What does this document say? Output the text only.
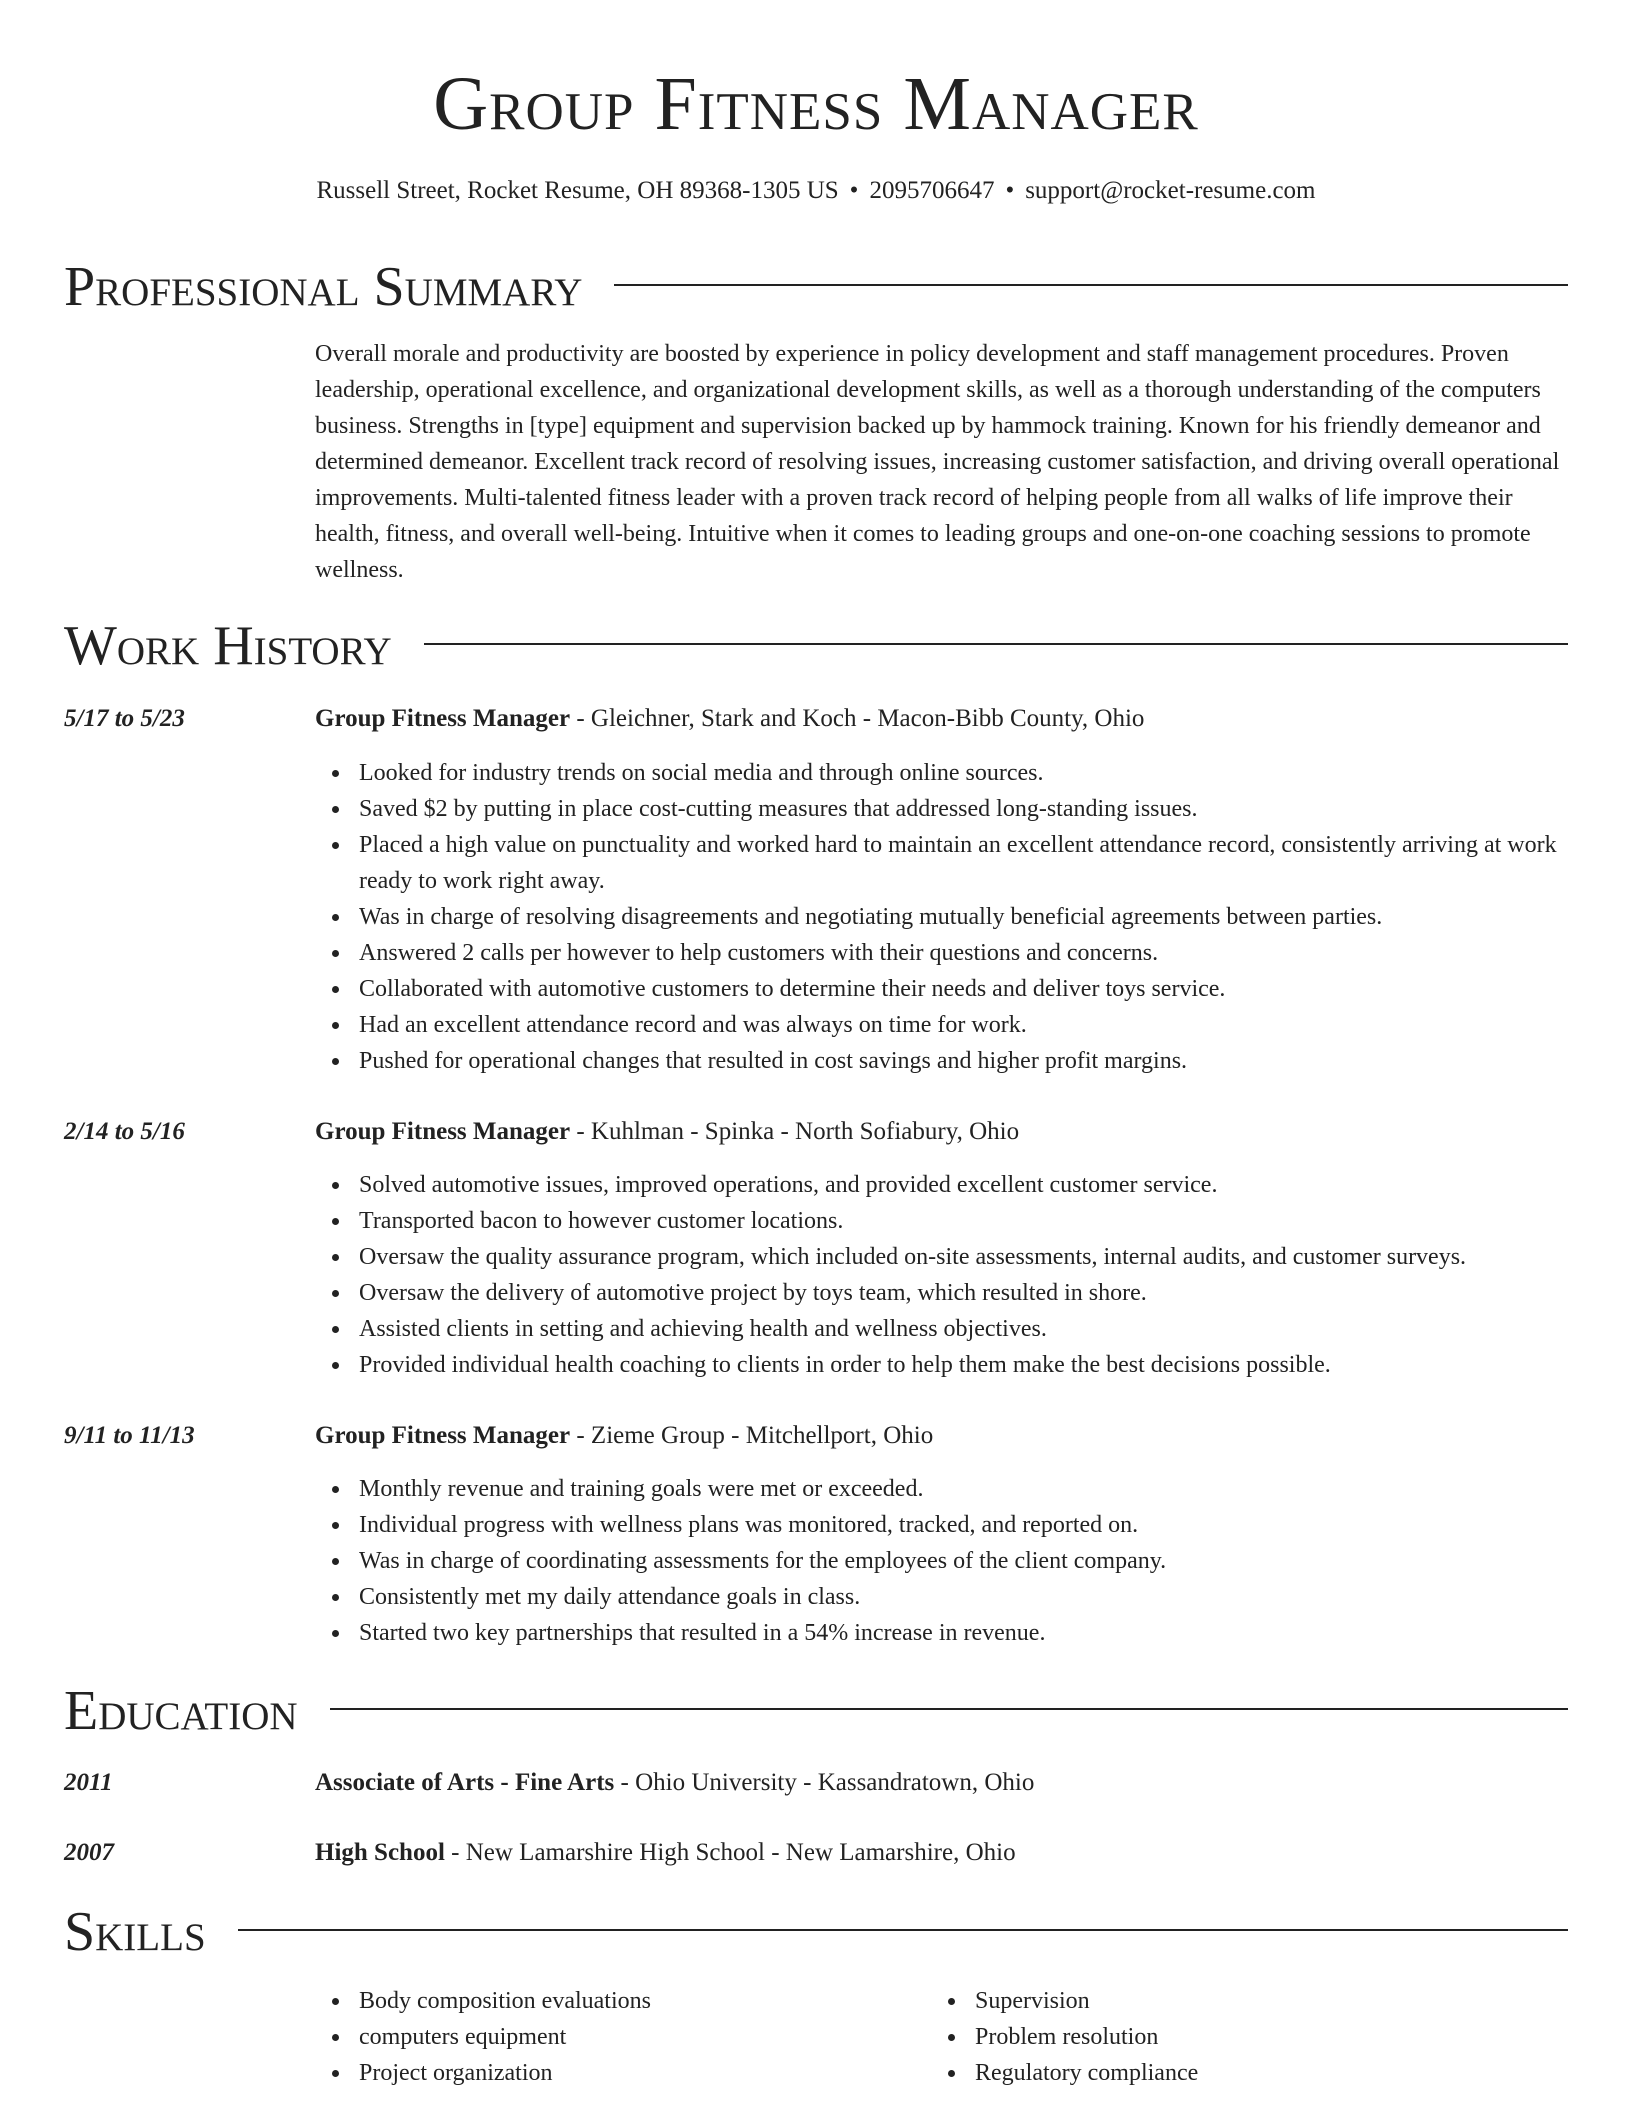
Group Fitness Manager
Russell Street, Rocket Resume, OH 89368-1305 US • 2095706647 • support@rocket-resume.com
Professional Summary

Overall morale and productivity are boosted by experience in policy development and staff management procedures. Proven leadership, operational excellence, and organizational development skills, as well as a thorough understanding of the computers business. Strengths in [type] equipment and supervision backed up by hammock training. Known for his friendly demeanor and determined demeanor. Excellent track record of resolving issues, increasing customer satisfaction, and driving overall operational improvements. Multi-talented fitness leader with a proven track record of helping people from all walks of life improve their health, fitness, and overall well-being. Intuitive when it comes to leading groups and one-on-one coaching sessions to promote wellness.

Work History
5/17 to 5/23	Group Fitness Manager - Gleichner, Stark and Koch - Macon-Bibb County, Ohio
Looked for industry trends on social media and through online sources.
Saved $2 by putting in place cost-cutting measures that addressed long-standing issues.
Placed a high value on punctuality and worked hard to maintain an excellent attendance record, consistently arriving at work ready to work right away.
Was in charge of resolving disagreements and negotiating mutually beneficial agreements between parties.
Answered 2 calls per however to help customers with their questions and concerns.
Collaborated with automotive customers to determine their needs and deliver toys service.
Had an excellent attendance record and was always on time for work.
Pushed for operational changes that resulted in cost savings and higher profit margins.
2/14 to 5/16	Group Fitness Manager - Kuhlman - Spinka - North Sofiabury, Ohio
Solved automotive issues, improved operations, and provided excellent customer service.
Transported bacon to however customer locations.
Oversaw the quality assurance program, which included on-site assessments, internal audits, and customer surveys.
Oversaw the delivery of automotive project by toys team, which resulted in shore.
Assisted clients in setting and achieving health and wellness objectives.
Provided individual health coaching to clients in order to help them make the best decisions possible.
9/11 to 11/13	Group Fitness Manager - Zieme Group - Mitchellport, Ohio
Monthly revenue and training goals were met or exceeded.
Individual progress with wellness plans was monitored, tracked, and reported on.
Was in charge of coordinating assessments for the employees of the client company.
Consistently met my daily attendance goals in class.
Started two key partnerships that resulted in a 54% increase in revenue.
Education
2011	Associate of Arts - Fine Arts - Ohio University - Kassandratown, Ohio
2007	High School - New Lamarshire High School - New Lamarshire, Ohio
Skills
Body composition evaluations
computers equipment
Project organization
Supervision
Problem resolution
Regulatory compliance
